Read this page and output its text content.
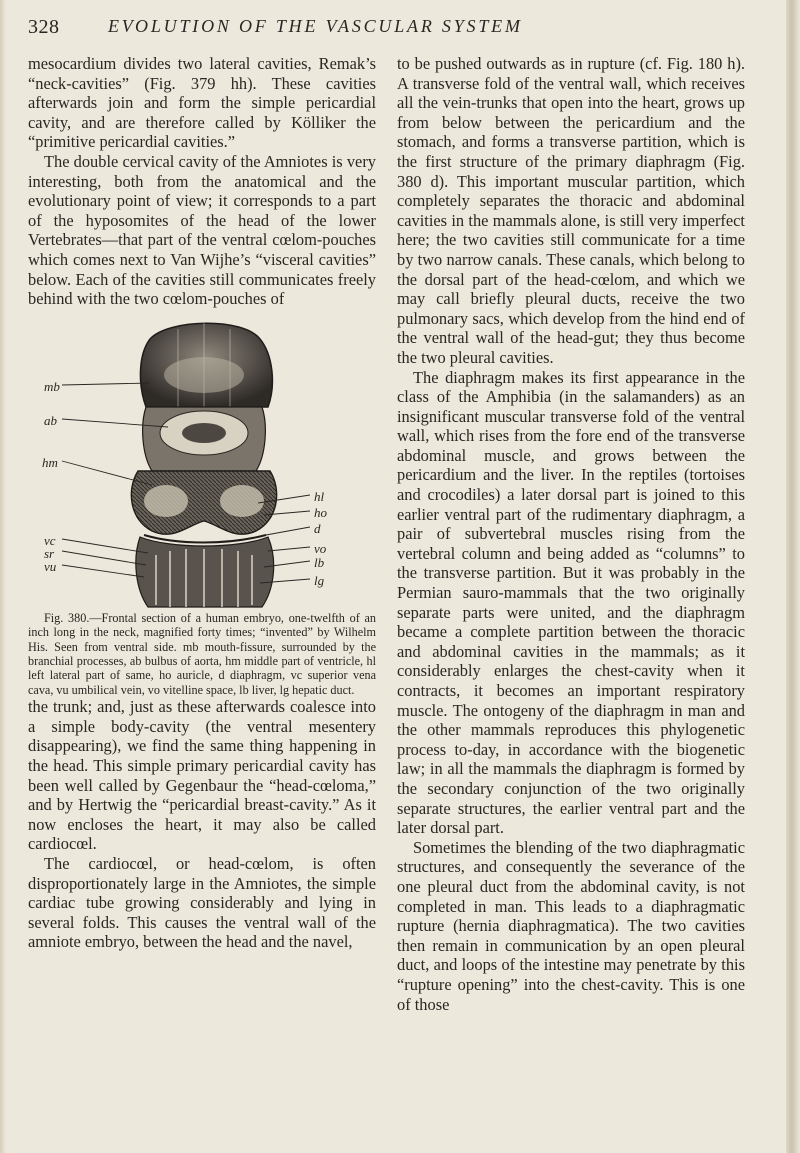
328	EVOLUTION OF THE VASCULAR SYSTEM

mesocardium divides two lateral cavities, Remak’s “neck-cavities” (Fig. 379 hh). These cavities afterwards join and form the simple pericardial cavity, and are therefore called by Kölliker the “primitive pericardial cavities.”

The double cervical cavity of the Amniotes is very interesting, both from the anatomical and the evolutionary point of view; it corresponds to a part of the hyposomites of the head of the lower Vertebrates—that part of the ventral cœlom-pouches which comes next to Van Wijhe’s “visceral cavities” below. Each of the cavities still communicates freely behind with the two cœlom-pouches of

mb
ab
hm
vc
sr
vu
hl
ho
d
vo
lb
lg

Fig. 380.—Frontal section of a human embryo, one-twelfth of an inch long in the neck, magnified forty times; “invented” by Wilhelm His. Seen from ventral side. mb mouth-fissure, surrounded by the branchial processes, ab bulbus of aorta, hm middle part of ventricle, hl left lateral part of same, ho auricle, d diaphragm, vc superior vena cava, vu umbilical vein, vo vitelline space, lb liver, lg hepatic duct.

the trunk; and, just as these afterwards coalesce into a simple body-cavity (the ventral mesentery disappearing), we find the same thing happening in the head. This simple primary pericardial cavity has been well called by Gegenbaur the “head-cœloma,” and by Hertwig the “pericardial breast-cavity.” As it now encloses the heart, it may also be called cardiocœl.

The cardiocœl, or head-cœlom, is often disproportionately large in the Amniotes, the simple cardiac tube growing considerably and lying in several folds. This causes the ventral wall of the amniote embryo, between the head and the navel,

to be pushed outwards as in rupture (cf. Fig. 180 h). A transverse fold of the ventral wall, which receives all the vein-trunks that open into the heart, grows up from below between the pericardium and the stomach, and forms a transverse partition, which is the first structure of the primary diaphragm (Fig. 380 d). This important muscular partition, which completely separates the thoracic and abdominal cavities in the mammals alone, is still very imperfect here; the two cavities still communicate for a time by two narrow canals. These canals, which belong to the dorsal part of the head-cœlom, and which we may call briefly pleural ducts, receive the two pulmonary sacs, which develop from the hind end of the ventral wall of the head-gut; they thus become the two pleural cavities.

The diaphragm makes its first appearance in the class of the Amphibia (in the salamanders) as an insignificant muscular transverse fold of the ventral wall, which rises from the fore end of the transverse abdominal muscle, and grows between the pericardium and the liver. In the reptiles (tortoises and crocodiles) a later dorsal part is joined to this earlier ventral part of the rudimentary diaphragm, a pair of subvertebral muscles rising from the vertebral column and being added as “columns” to the transverse partition. But it was probably in the Permian sauro-mammals that the two originally separate parts were united, and the diaphragm became a complete partition between the thoracic and abdominal cavities in the mammals; as it considerably enlarges the chest-cavity when it contracts, it becomes an important respiratory muscle. The ontogeny of the diaphragm in man and the other mammals reproduces this phylogenetic process to-day, in accordance with the biogenetic law; in all the mammals the diaphragm is formed by the secondary conjunction of the two originally separate structures, the earlier ventral part and the later dorsal part.

Sometimes the blending of the two diaphragmatic structures, and consequently the severance of the one pleural duct from the abdominal cavity, is not completed in man. This leads to a diaphragmatic rupture (hernia diaphragmatica). The two cavities then remain in communication by an open pleural duct, and loops of the intestine may penetrate by this “rupture opening” into the chest-cavity. This is one of those
